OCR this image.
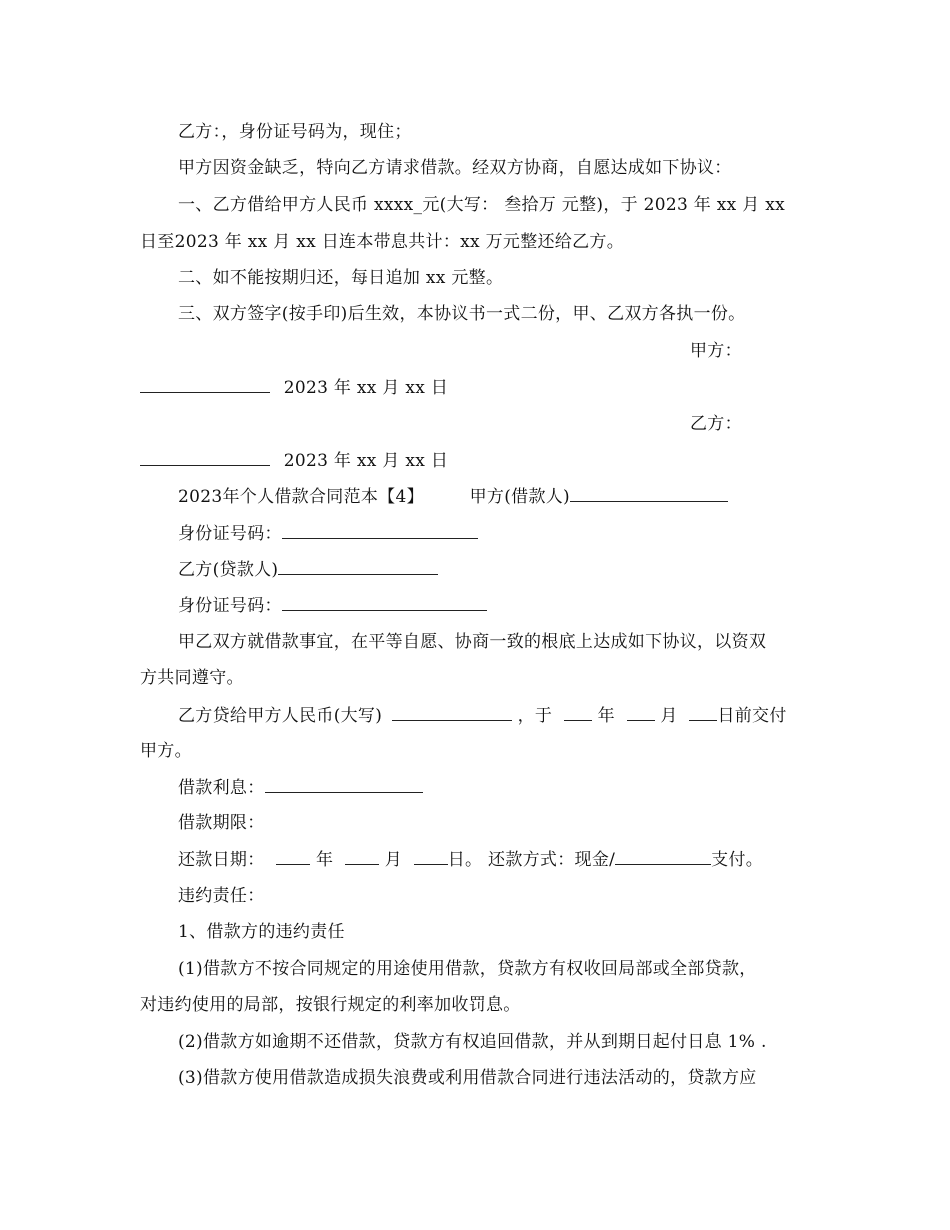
乙方：，身份证号码为，现住；
甲方因资金缺乏，特向乙方请求借款。经双方协商，自愿达成如下协议：
一、乙方借给甲方人民币 xxxx_元(大写： 叁拾万 元整)，于 2023 年 xx 月 xx
日至2023 年 xx 月 xx 日连本带息共计：xx 万元整还给乙方。
二、如不能按期归还，每日追加 xx 元整。
三、双方签字(按手印)后生效，本协议书一式二份，甲、乙双方各执一份。
甲方：
2023 年 xx 月 xx 日
乙方：
2023 年 xx 月 xx 日
2023年个人借款合同范本【4】	甲方(借款人)
身份证号码：
乙方(贷款人)
身份证号码：
甲乙双方就借款事宜，在平等自愿、协商一致的根底上达成如下协议，以资双
方共同遵守。
乙方贷给甲方人民币(大写)	，于	年	月 日前交付
甲方。
借款利息：
借款期限：
还款日期：	年	月	日。 还款方式：现金/	支付。
违约责任：
1、借款方的违约责任
(1)借款方不按合同规定的用途使用借款，贷款方有权收回局部或全部贷款，
对违约使用的局部，按银行规定的利率加收罚息。
(2)借款方如逾期不还借款，贷款方有权追回借款，并从到期日起付日息 1% .
(3)借款方使用借款造成损失浪费或利用借款合同进行违法活动的，贷款方应
